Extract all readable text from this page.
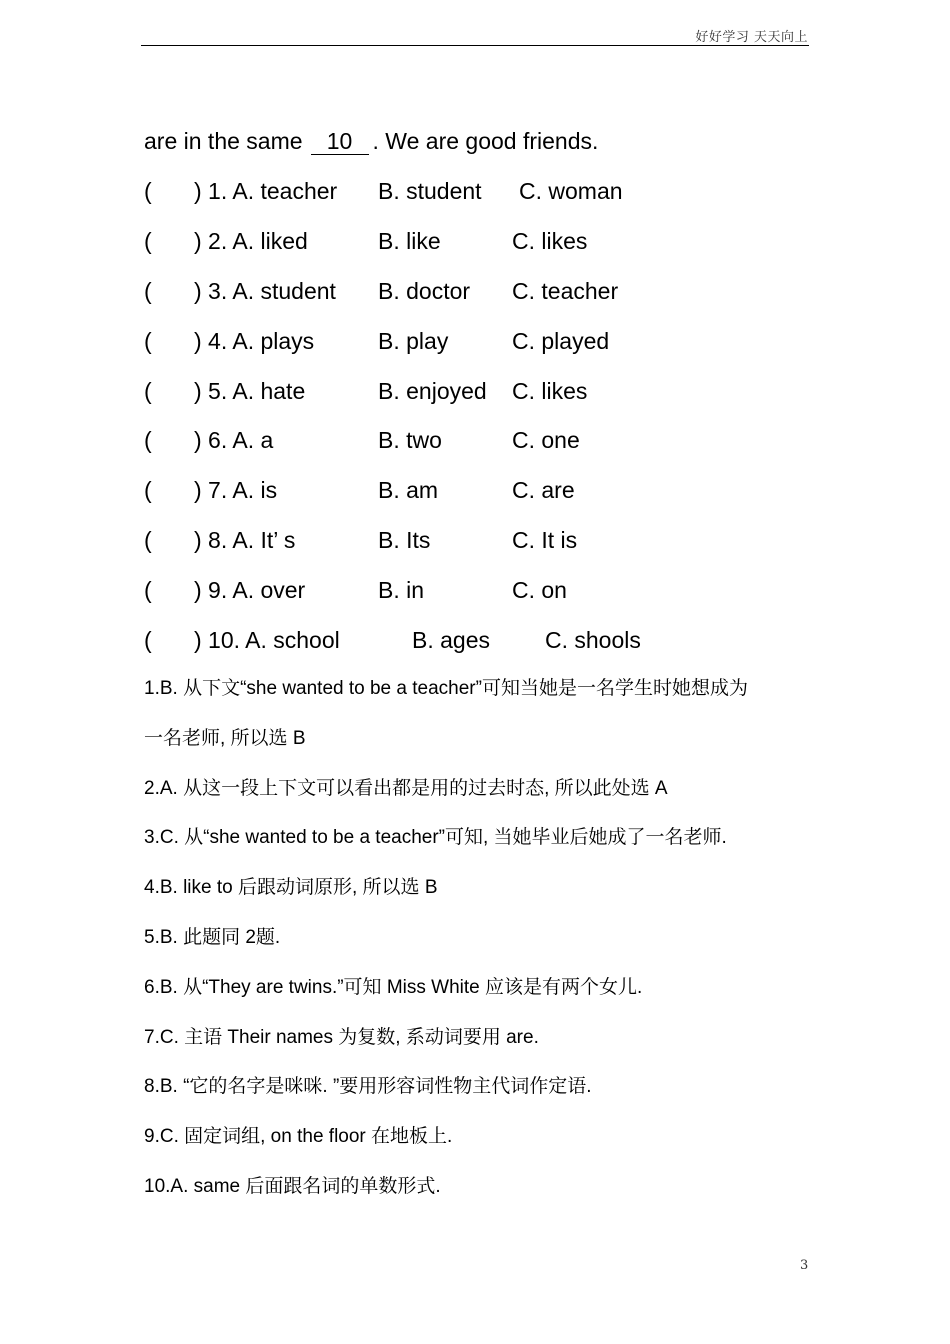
好好学习 天天向上
are in the same 10 . We are good friends.
( ) 1. A. teacher B. student C. woman
( ) 2. A. liked	B. like	C. likes
( ) 3. A. student B. doctor C. teacher
( ) 4. A. plays	B. play	C. played
( ) 5. A. hate	B. enjoyed C. likes
( ) 6. A. a	B. two	C. one
( ) 7. A. is	B. am	C. are
( ) 8. A. It’ s	B. Its	C. It is
( ) 9. A. over	B. in	C. on
( ) 10. A. school	B. ages C. shools
1.B. 从下文“she wanted to be a teacher”可知当她是一名学生时她想成为
一名老师, 所以选 B
2.A. 从这一段上下文可以看出都是用的过去时态, 所以此处选 A
3.C. 从“she wanted to be a teacher”可知, 当她毕业后她成了一名老师.
4.B. like to 后跟动词原形, 所以选 B
5.B. 此题同 2题.
6.B. 从“They are twins.”可知 Miss White 应该是有两个女儿.
7.C. 主语 Their names 为复数, 系动词要用 are.
8.B. “它的名字是咪咪. ”要用形容词性物主代词作定语.
9.C. 固定词组, on the floor 在地板上.
10.A. same 后面跟名词的单数形式.
3
